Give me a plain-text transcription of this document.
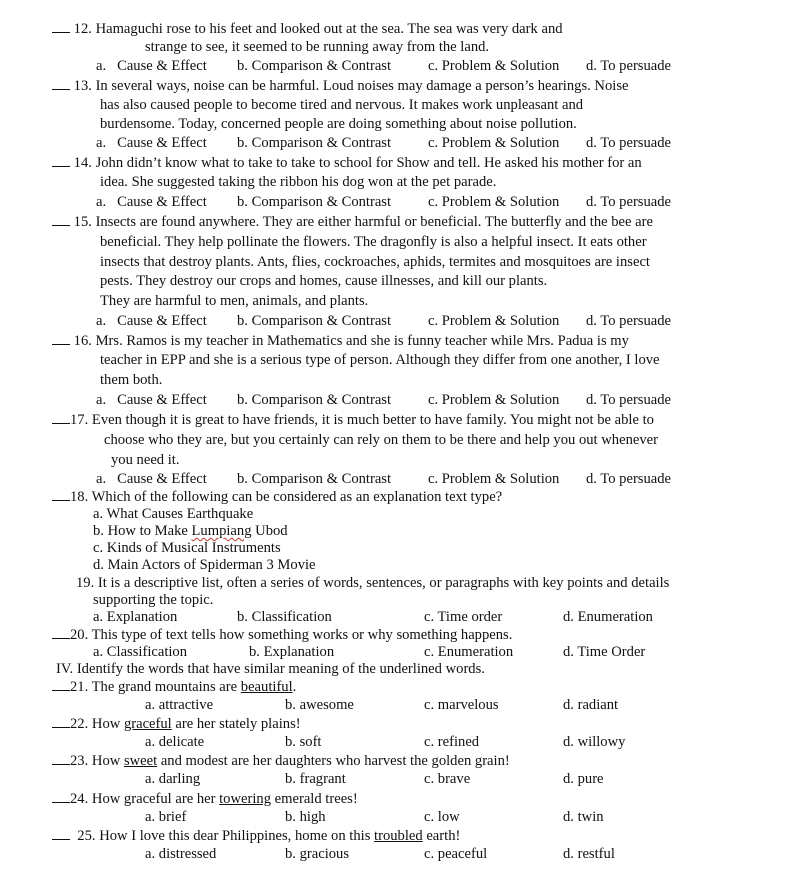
12. Hamaguchi rose to his feet and looked out at the sea. The sea was very dark and
strange to see, it seemed to be running away from the land.
a. Cause & Effect b. Comparison & Contrast	c. Problem & Solution d. To persuade
13. In several ways, noise can be harmful. Loud noises may damage a person’s hearings. Noise
has also caused people to become tired and nervous. It makes work unpleasant and
burdensome. Today, concerned people are doing something about noise pollution.
a. Cause & Effect b. Comparison & Contrast	c. Problem & Solution d. To persuade
14. John didn’t know what to take to take to school for Show and tell. He asked his mother for an
idea. She suggested taking the ribbon his dog won at the pet parade.
a. Cause & Effect b. Comparison & Contrast	c. Problem & Solution d. To persuade
15. Insects are found anywhere. They are either harmful or beneficial. The butterfly and the bee are
beneficial. They help pollinate the flowers. The dragonfly is also a helpful insect. It eats other
insects that destroy plants. Ants, flies, cockroaches, aphids, termites and mosquitoes are insect
pests. They destroy our crops and homes, cause illnesses, and kill our plants.
They are harmful to men, animals, and plants.
a. Cause & Effect b. Comparison & Contrast	c. Problem & Solution d. To persuade
16. Mrs. Ramos is my teacher in Mathematics and she is funny teacher while Mrs. Padua is my
teacher in EPP and she is a serious type of person. Although they differ from one another, I love
them both.
a. Cause & Effect b. Comparison & Contrast	c. Problem & Solution d. To persuade
17. Even though it is great to have friends, it is much better to have family. You might not be able to
choose who they are, but you certainly can rely on them to be there and help you out whenever
you need it.
a. Cause & Effect b. Comparison & Contrast	c. Problem & Solution d. To persuade
18. Which of the following can be considered as an explanation text type?
a. What Causes Earthquake
b. How to Make Lumpiang Ubod
c. Kinds of Musical Instruments
d. Main Actors of Spiderman 3 Movie
19. It is a descriptive list, often a series of words, sentences, or paragraphs with key points and details
supporting the topic.
a. Explanation	b. Classification	c. Time order	d. Enumeration
20. This type of text tells how something works or why something happens.
a. Classification	b. Explanation	c. Enumeration	d. Time Order
IV. Identify the words that have similar meaning of the underlined words.
21. The grand mountains are beautiful.
a. attractive	b. awesome	c. marvelous	d. radiant
22. How graceful are her stately plains!
a. delicate	b. soft	c. refined	d. willowy
23. How sweet and modest are her daughters who harvest the golden grain!
a. darling	b. fragrant	c. brave	d. pure
24. How graceful are her towering emerald trees!
a. brief	b. high	c. low	d. twin
25. How I love this dear Philippines, home on this troubled earth!
a. distressed	b. gracious	c. peaceful	d. restful
